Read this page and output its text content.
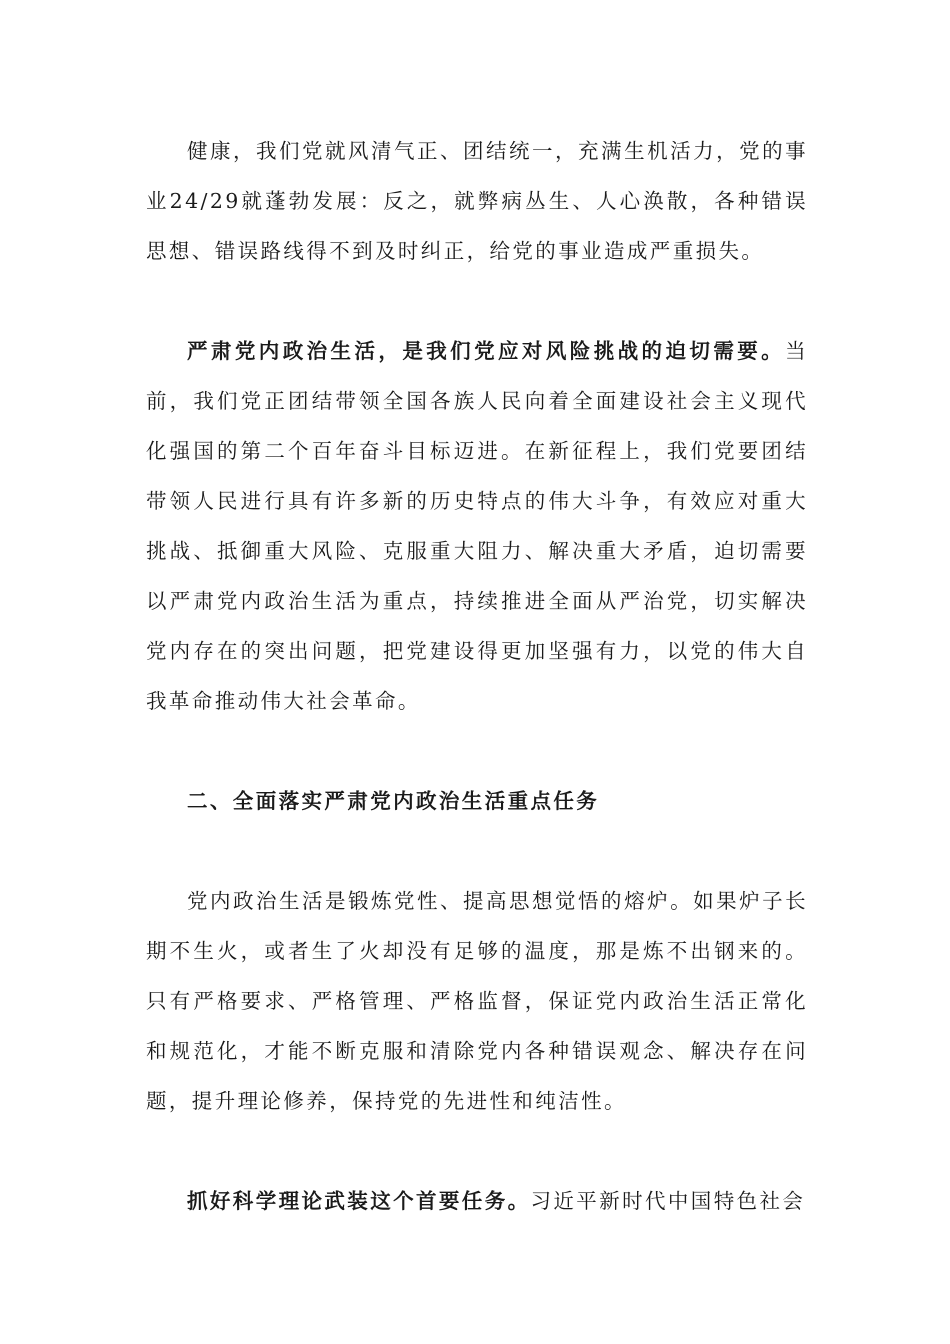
健康，我们党就风清气正、团结统一，充满生机活力，党的事业24/29就蓬勃发展：反之，就弊病丛生、人心涣散，各种错误思想、错误路线得不到及时纠正，给党的事业造成严重损失。

严肃党内政治生活，是我们党应对风险挑战的迫切需要。当前，我们党正团结带领全国各族人民向着全面建设社会主义现代化强国的第二个百年奋斗目标迈进。在新征程上，我们党要团结带领人民进行具有许多新的历史特点的伟大斗争，有效应对重大挑战、抵御重大风险、克服重大阻力、解决重大矛盾，迫切需要以严肃党内政治生活为重点，持续推进全面从严治党，切实解决党内存在的突出问题，把党建设得更加坚强有力，以党的伟大自我革命推动伟大社会革命。

二、全面落实严肃党内政治生活重点任务

党内政治生活是锻炼党性、提高思想觉悟的熔炉。如果炉子长期不生火，或者生了火却没有足够的温度，那是炼不出钢来的。只有严格要求、严格管理、严格监督，保证党内政治生活正常化和规范化，才能不断克服和清除党内各种错误观念、解决存在问题，提升理论修养，保持党的先进性和纯洁性。

抓好科学理论武装这个首要任务。习近平新时代中国特色社会
